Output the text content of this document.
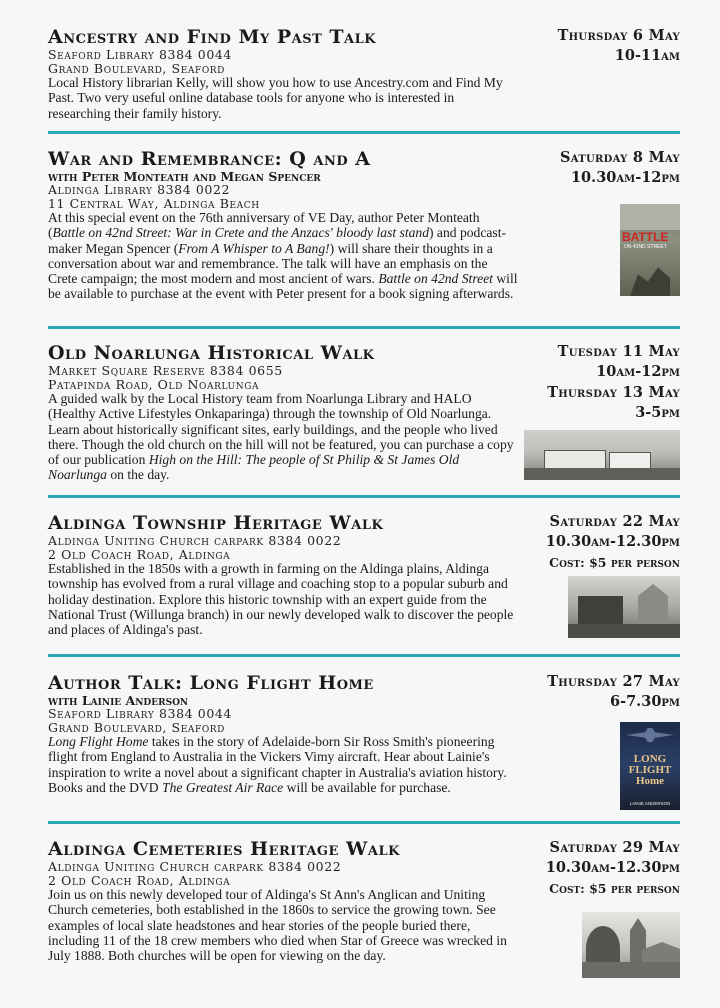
Ancestry and Find My Past Talk
Seaford Library 8384 0044
Grand Boulevard, Seaford
Local History librarian Kelly, will show you how to use Ancestry.com and Find My Past. Two very useful online database tools for anyone who is interested in researching their family history.
Thursday 6 May
10-11am
War and Remembrance: Q and A
with Peter Monteath and Megan Spencer
Aldinga Library 8384 0022
11 Central Way, Aldinga Beach
At this special event on the 76th anniversary of VE Day, author Peter Monteath (Battle on 42nd Street: War in Crete and the Anzacs' bloody last stand) and podcast-maker Megan Spencer (From A Whisper to A Bang!) will share their thoughts in a conversation about war and remembrance. The talk will have an emphasis on the Crete campaign; the most modern and most ancient of wars. Battle on 42nd Street will be available to purchase at the event with Peter present for a book signing afterwards.
Saturday 8 May
10.30am-12pm
BATTLE
ON 42ND STREET
Old Noarlunga Historical Walk
Market Square Reserve 8384 0655
Patapinda Road, Old Noarlunga
A guided walk by the Local History team from Noarlunga Library and HALO (Healthy Active Lifestyles Onkaparinga) through the township of Old Noarlunga. Learn about historically significant sites, early buildings, and the people who lived there. Though the old church on the hill will not be featured, you can purchase a copy of our publication High on the Hill: The people of St Philip & St James Old Noarlunga on the day.
Tuesday 11 May
10am-12pm
Thursday 13 May
3-5pm
Aldinga Township Heritage Walk
Aldinga Uniting Church carpark 8384 0022
2 Old Coach Road, Aldinga
Established in the 1850s with a growth in farming on the Aldinga plains, Aldinga township has evolved from a rural village and coaching stop to a popular suburb and holiday destination. Explore this historic township with an expert guide from the National Trust (Willunga branch) in our newly developed walk to discover the people and places of Aldinga's past.
Saturday 22 May
10.30am-12.30pm
Cost: $5 per person
Author Talk: Long Flight Home
with Lainie Anderson
Seaford Library 8384 0044
Grand Boulevard, Seaford
Long Flight Home takes in the story of Adelaide-born Sir Ross Smith's pioneering flight from England to Australia in the Vickers Vimy aircraft. Hear about Lainie's inspiration to write a novel about a significant chapter in Australia's aviation history.
Books and the DVD The Greatest Air Race will be available for purchase.
Thursday 27 May
6-7.30pm
LONG FLIGHT Home
LAINIE ANDERSON
Aldinga Cemeteries Heritage Walk
Aldinga Uniting Church carpark 8384 0022
2 Old Coach Road, Aldinga
Join us on this newly developed tour of Aldinga's St Ann's Anglican and Uniting Church cemeteries, both established in the 1860s to service the growing town. See examples of local slate headstones and hear stories of the people buried there, including 11 of the 18 crew members who died when Star of Greece was wrecked in July 1888. Both churches will be open for viewing on the day.
Saturday 29 May
10.30am-12.30pm
Cost: $5 per person
